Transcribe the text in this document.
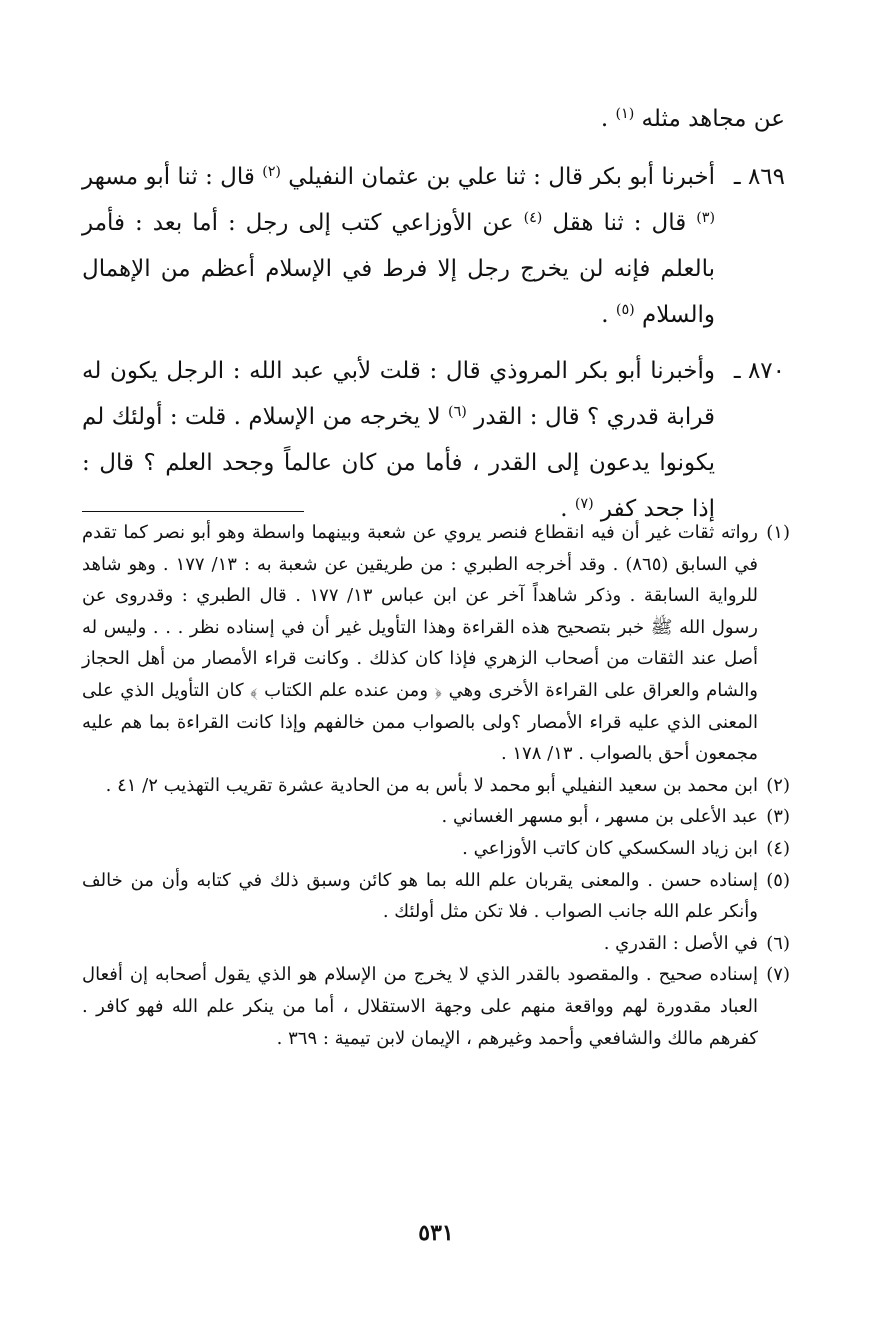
عن مجاهد مثله $^{(١)}$ .

٨٦٩ ـ
أخبرنا أبو بكر قال : ثنا علي بن عثمان النفيلي $^{(٢)}$ قال : ثنا أبو مسهر $^{(٣)}$ قال : ثنا هقل $^{(٤)}$ عن الأوزاعي كتب إلى رجل : أما بعد : فأمر بالعلم فإنه لن يخرج رجل إلا فرط في الإسلام أعظم من الإهمال والسلام $^{(٥)}$ .
٨٧٠ ـ
وأخبرنا أبو بكر المروذي قال : قلت لأبي عبد الله : الرجل يكون له قرابة قدري ؟ قال : القدر $^{(٦)}$ لا يخرجه من الإسلام . قلت : أولئك لم يكونوا يدعون إلى القدر ، فأما من كان عالماً وجحد العلم ؟ قال : إذا جحد كفر $^{(٧)}$ .
(١)
رواته ثقات غير أن فيه انقطاع فنصر يروي عن شعبة وبينهما واسطة وهو أبو نصر كما تقدم في السابق (٨٦٥) . وقد أخرجه الطبري : من طريقين عن شعبة به : ١٣/ ١٧٧ . وهو شاهد للرواية السابقة . وذكر شاهداً آخر عن ابن عباس ١٣/ ١٧٧ . قال الطبري : وقدروى عن رسول الله ﷺ خبر بتصحيح هذه القراءة وهذا التأويل غير أن في إسناده نظر . . . وليس له أصل عند الثقات من أصحاب الزهري فإذا كان كذلك . وكانت قراء الأمصار من أهل الحجاز والشام والعراق على القراءة الأخرى وهي ﴿ ومن عنده علم الكتاب ﴾ كان التأويل الذي على المعنى الذي عليه قراء الأمصار ؟ولى بالصواب ممن خالفهم وإذا كانت القراءة بما هم عليه مجمعون أحق بالصواب . ١٣/ ١٧٨ .
(٢)
ابن محمد بن سعيد النفيلي أبو محمد لا بأس به من الحادية عشرة تقريب التهذيب ٢/ ٤١ .
(٣)
عبد الأعلى بن مسهر ، أبو مسهر الغساني .
(٤)
ابن زياد السكسكي كان كاتب الأوزاعي .
(٥)
إسناده حسن . والمعنى يقربان علم الله بما هو كائن وسبق ذلك في كتابه وأن من خالف وأنكر علم الله جانب الصواب . فلا تكن مثل أولئك .
(٦)
في الأصل : القدري .
(٧)
إسناده صحيح . والمقصود بالقدر الذي لا يخرج من الإسلام هو الذي يقول أصحابه إن أفعال العباد مقدورة لهم وواقعة منهم على وجهة الاستقلال ، أما من ينكر علم الله فهو كافر . كفرهم مالك والشافعي وأحمد وغيرهم ، الإيمان لابن تيمية : ٣٦٩ .
٥٣١
